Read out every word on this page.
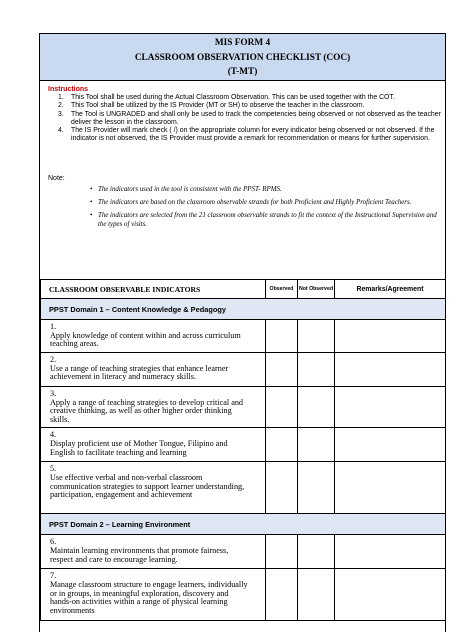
MIS FORM 4
CLASSROOM OBSERVATION CHECKLIST (COC)
(T-MT)
Instructions
1. This Tool shall be used during the Actual Classroom Observation. This can be used together with the COT.
2. This Tool shall be utilized by the IS Provider (MT or SH) to observe the teacher in the classroom.
3. The Tool is UNGRADED and shall only be used to track the competencies being observed or not observed as the teacher deliver the lesson in the classroom.
4. The IS Provider will mark check ( /) on the appropriate column for every indicator being observed or not observed. If the indicator is not observed, the IS Provider must provide a remark for recommendation or means for further supervision.
Note:
• The indicators used in the tool is consistent with the PPST- RPMS.
• The indicators are based on the classroom observable strands for both Proficient and Highly Proficient Teachers.
• The indicators are selected from the 21 classroom observable strands to fit the context of the Instructional Supervision and the types of visits.
CLASSROOM OBSERVABLE INDICATORS	Observed	Not Observed	Remarks/Agreement
PPST Domain 1 – Content Knowledge & Pedagogy			
1.Apply knowledge of content within and across curriculum teaching areas.			
2.Use a range of teaching strategies that enhance learner achievement in literacy and numeracy skills.			
3.Apply a range of teaching strategies to develop critical and creative thinking, as well as other higher order thinking skills.			
4.Display proficient use of Mother Tongue, Filipino and English to facilitate teaching and learning			
5.Use effective verbal and non-verbal classroom communication strategies to support learner understanding, participation, engagement and achievement			
PPST Domain 2 – Learning Environment			
6.Maintain learning environments that promote fairness, respect and care to encourage learning.			
7.Manage classroom structure to engage learners, individually or in groups, in meaningful exploration, discovery and hands-on activities within a range of physical learning environments			
